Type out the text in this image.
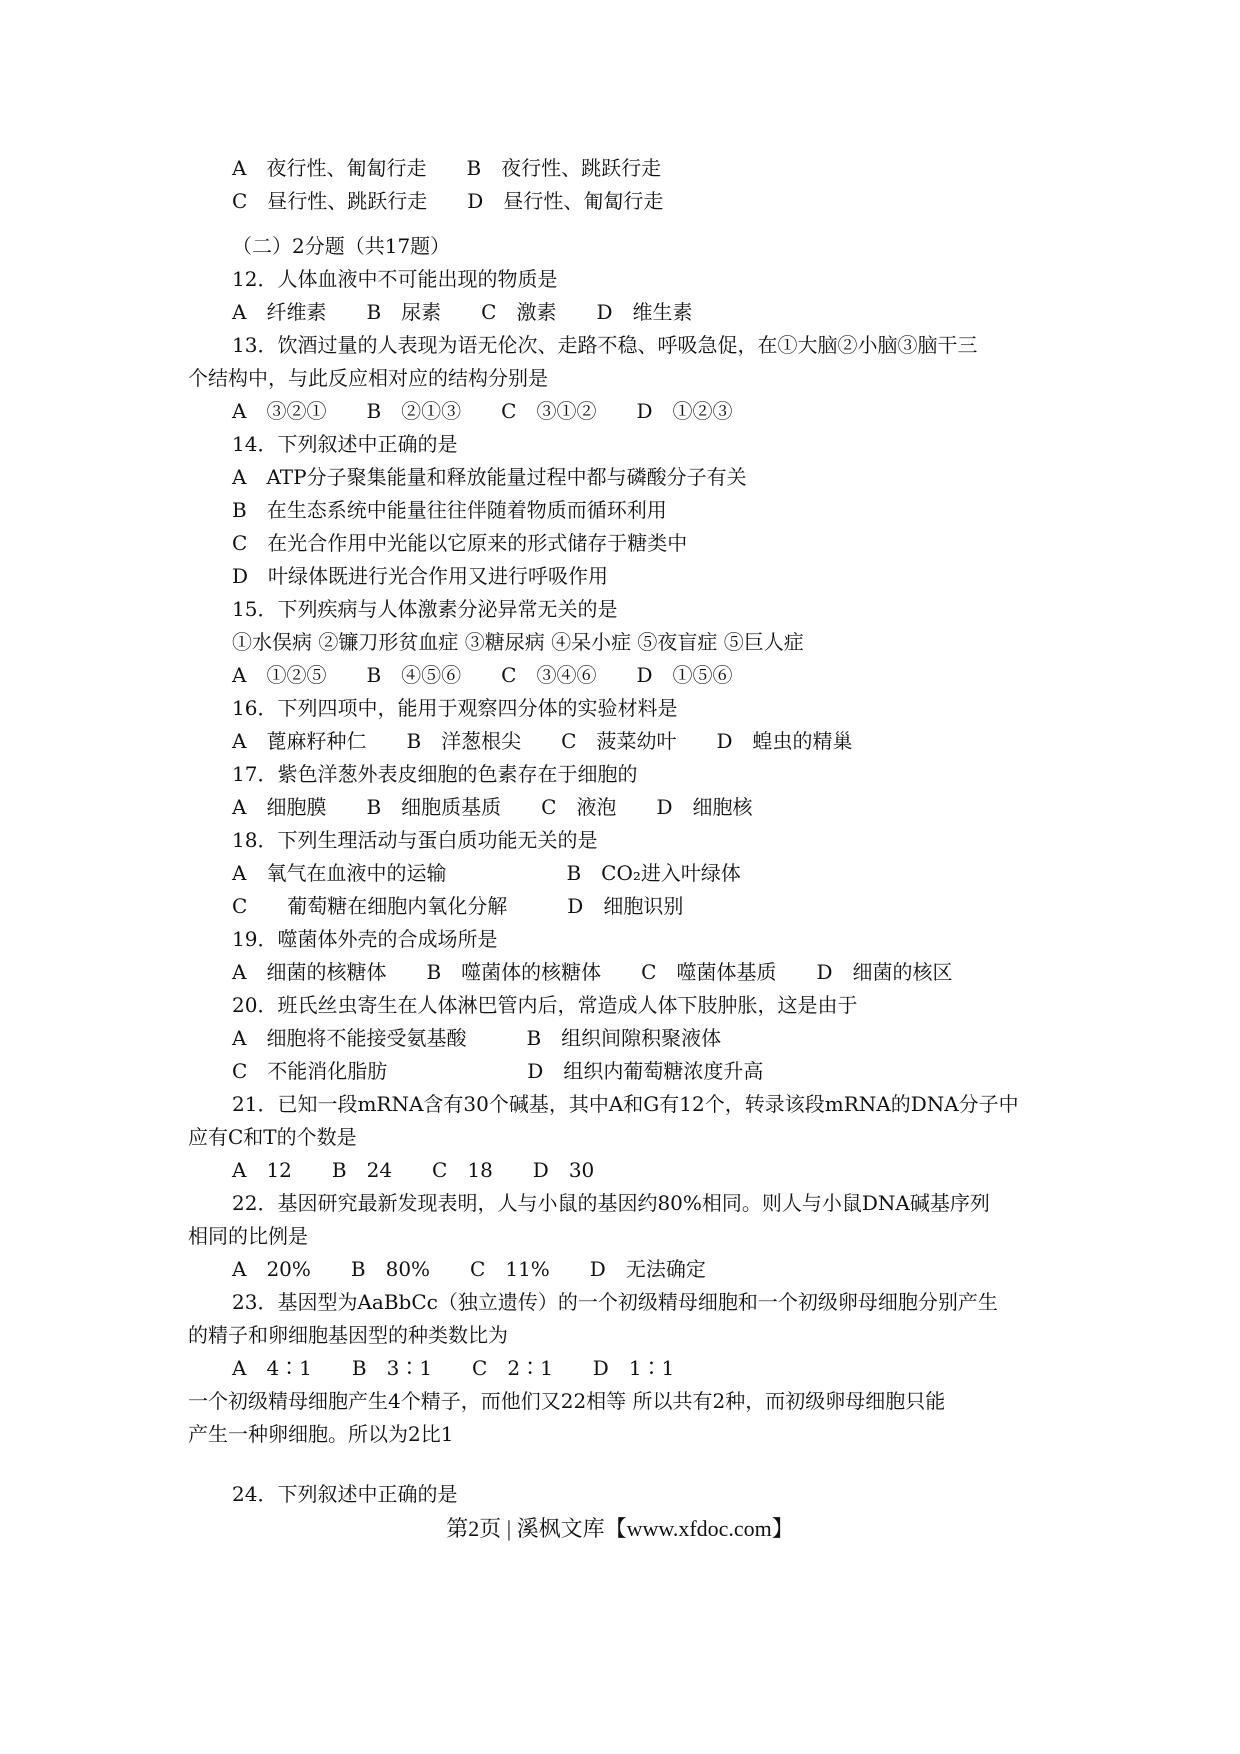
A　夜行性、匍匐行走　　B　夜行性、跳跃行走
C　昼行性、跳跃行走　　D　昼行性、匍匐行走
（二）2分题（共17题）
12．人体血液中不可能出现的物质是
A　纤维素　　B　尿素　　C　激素　　D　维生素
13．饮酒过量的人表现为语无伦次、走路不稳、呼吸急促，在①大脑②小脑③脑干三
个结构中，与此反应相对应的结构分别是
A　③②①　　B　②①③　　C　③①②　　D　①②③
14．下列叙述中正确的是
A　ATP分子聚集能量和释放能量过程中都与磷酸分子有关
B　在生态系统中能量往往伴随着物质而循环利用
C　在光合作用中光能以它原来的形式储存于糖类中
D　叶绿体既进行光合作用又进行呼吸作用
15．下列疾病与人体激素分泌异常无关的是
①水俣病 ②镰刀形贫血症 ③糖尿病 ④呆小症 ⑤夜盲症 ⑤巨人症
A　①②⑤　　B　④⑤⑥　　C　③④⑥　　D　①⑤⑥
16．下列四项中，能用于观察四分体的实验材料是
A　蓖麻籽种仁　　B　洋葱根尖　　C　菠菜幼叶　　D　蝗虫的精巢
17．紫色洋葱外表皮细胞的色素存在于细胞的
A　细胞膜　　B　细胞质基质　　C　液泡　　D　细胞核
18．下列生理活动与蛋白质功能无关的是
A　氧气在血液中的运输　　　　　　B　CO₂进入叶绿体
C　　葡萄糖在细胞内氧化分解　　　D　细胞识别
19．噬菌体外壳的合成场所是
A　细菌的核糖体　　B　噬菌体的核糖体　　C　噬菌体基质　　D　细菌的核区
20．班氏丝虫寄生在人体淋巴管内后，常造成人体下肢肿胀，这是由于
A　细胞将不能接受氨基酸　　　B　组织间隙积聚液体
C　不能消化脂肪　　　　　　　D　组织内葡萄糖浓度升高
21．已知一段mRNA含有30个碱基，其中A和G有12个，转录该段mRNA的DNA分子中
应有C和T的个数是
A　12　　B　24　　C　18　　D　30
22．基因研究最新发现表明，人与小鼠的基因约80%相同。则人与小鼠DNA碱基序列
相同的比例是
A　20%　　B　80%　　C　11%　　D　无法确定
23．基因型为AaBbCc（独立遗传）的一个初级精母细胞和一个初级卵母细胞分别产生
的精子和卵细胞基因型的种类数比为
A　4∶1　　B　3∶1　　C　2∶1　　D　1∶1
一个初级精母细胞产生4个精子，而他们又22相等 所以共有2种，而初级卵母细胞只能
产生一种卵细胞。所以为2比1
24．下列叙述中正确的是
第2页 | 溪枫文库【www.xfdoc.com】
